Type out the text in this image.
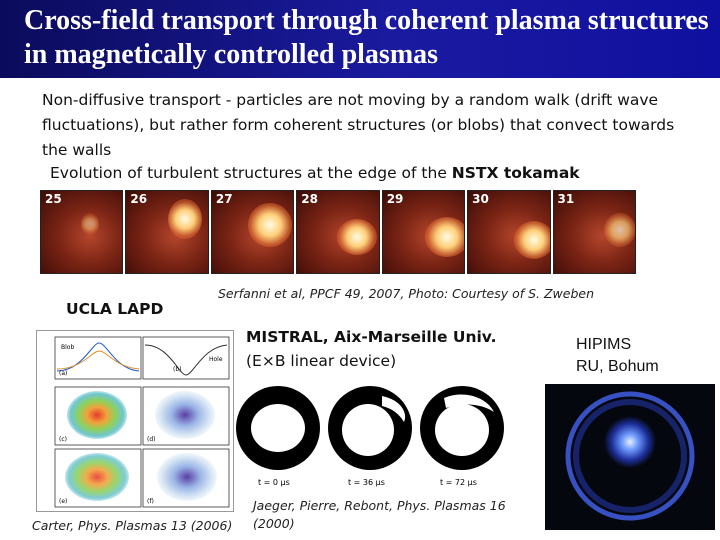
Cross-field transport through coherent plasma structures in magnetically controlled plasmas

Non-diffusive transport - particles are not moving by a random walk (drift wave fluctuations), but rather form coherent structures (or blobs) that convect towards the walls

Evolution of turbulent structures at the edge of the NSTX tokamak
25	26	27	28	29	30	31
Serfanni et al, PPCF 49, 2007, Photo: Courtesy of S. Zweben
UCLA LAPD
Blob
Hole
(a)
(b)
(c)	(d)
(e)	(f)
Carter, Phys. Plasmas 13 (2006)
MISTRAL, Aix-Marseille Univ.
(E×B linear device)
t = 0 μs	t = 36 μs	t = 72 μs
Jaeger, Pierre, Rebont, Phys. Plasmas 16 (2000)
HIPIMS
RU, Bohum
